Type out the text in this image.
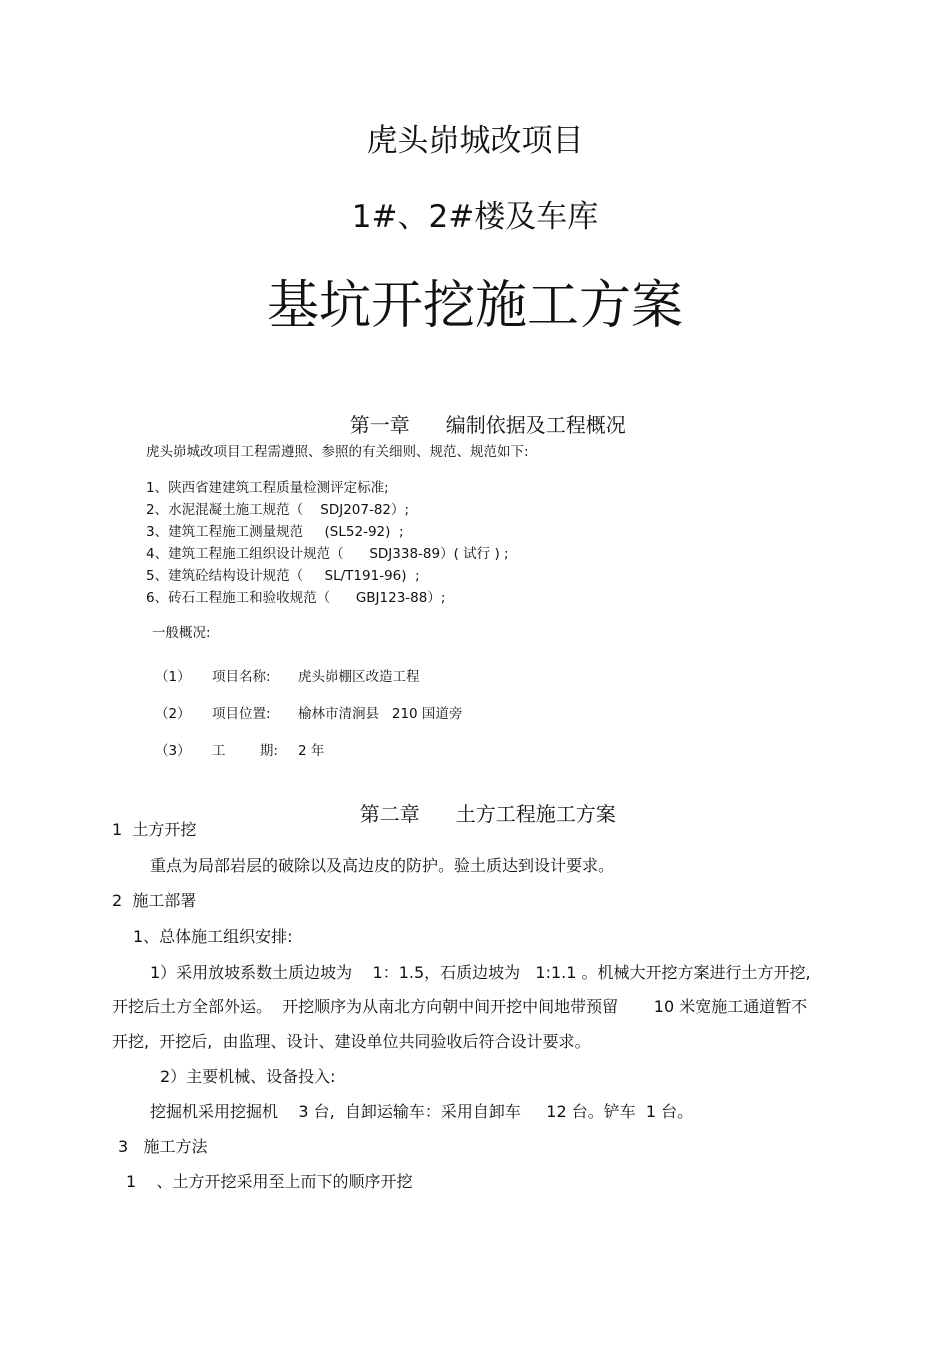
虎头峁城改项目
1#、2#楼及车库
基坑开挖施工方案

第一章 编制依据及工程概况

虎头峁城改项目工程需遵照、参照的有关细则、规范、规范如下:
1、陕西省建建筑工程质量检测评定标准;
2、水泥混凝土施工规范（    SDJ207-82）;
3、建筑工程施工测量规范     (SL52-92)  ;
4、建筑工程施工组织设计规范（      SDJ338-89）( 试行 ) ;
5、建筑砼结构设计规范（     SL/T191-96)  ;
6、砖石工程施工和验收规范（      GBJ123-88）;
一般概况:
（1） 项目名称: 虎头峁棚区改造工程
（2） 项目位置: 榆林市清涧县   210 国道旁
（3） 工        期: 2 年

第二章 土方工程施工方案

1  土方开挖
重点为局部岩层的破除以及高边皮的防护。验土质达到设计要求。
2  施工部署
1、总体施工组织安排:
1）采用放坡系数土质边坡为    1：1.5，石质边坡为   1:1.1 。机械大开挖方案进行土方开挖,
开挖后土方全部外运。  开挖顺序为从南北方向朝中间开挖中间地带预留       10 米宽施工通道暂不
开挖,  开挖后,  由监理、设计、建设单位共同验收后符合设计要求。
2）主要机械、设备投入:
挖掘机采用挖掘机    3 台,  自卸运输车：采用自卸车     12 台。铲车  1 台。
3   施工方法
1    、土方开挖采用至上而下的顺序开挖
